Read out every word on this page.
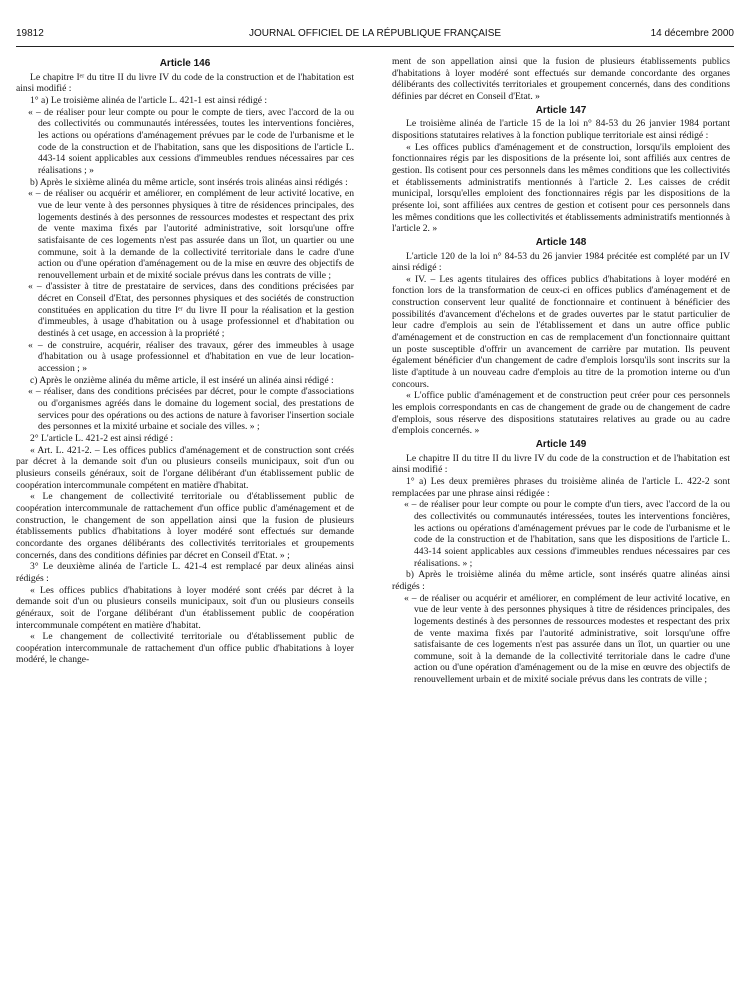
19812	JOURNAL OFFICIEL DE LA RÉPUBLIQUE FRANÇAISE	14 décembre 2000
Article 146

Le chapitre Iᵉʳ du titre II du livre IV du code de la construction et de l'habitation est ainsi modifié :

1° a) Le troisième alinéa de l'article L. 421-1 est ainsi rédigé :

« – de réaliser pour leur compte ou pour le compte de tiers, avec l'accord de la ou des collectivités ou communautés intéressées, toutes les interventions foncières, les actions ou opérations d'aménagement prévues par le code de l'urbanisme et le code de la construction et de l'habitation, sans que les dispositions de l'article L. 443-14 soient applicables aux cessions d'immeubles rendues nécessaires par ces réalisations ; »

b) Après le sixième alinéa du même article, sont insérés trois alinéas ainsi rédigés :

« – de réaliser ou acquérir et améliorer, en complément de leur activité locative, en vue de leur vente à des personnes physiques à titre de résidences principales, des logements destinés à des personnes de ressources modestes et respectant des prix de vente maxima fixés par l'autorité administrative, soit lorsqu'une offre satisfaisante de ces logements n'est pas assurée dans un îlot, un quartier ou une commune, soit à la demande de la collectivité territoriale dans le cadre d'une action ou d'une opération d'aménagement ou de la mise en œuvre des objectifs de renouvellement urbain et de mixité sociale prévus dans les contrats de ville ;

« – d'assister à titre de prestataire de services, dans des conditions précisées par décret en Conseil d'Etat, des personnes physiques et des sociétés de construction constituées en application du titre Iᵉʳ du livre II pour la réalisation et la gestion d'immeubles, à usage d'habitation ou à usage professionnel et d'habitation ou destinés à cet usage, en accession à la propriété ;

« – de construire, acquérir, réaliser des travaux, gérer des immeubles à usage d'habitation ou à usage professionnel et d'habitation en vue de leur location-accession ; »

c) Après le onzième alinéa du même article, il est inséré un alinéa ainsi rédigé :

« – réaliser, dans des conditions précisées par décret, pour le compte d'associations ou d'organismes agréés dans le domaine du logement social, des prestations de services pour des opérations ou des actions de nature à favoriser l'insertion sociale des personnes et la mixité urbaine et sociale des villes. » ;

2° L'article L. 421-2 est ainsi rédigé :

« Art. L. 421-2. – Les offices publics d'aménagement et de construction sont créés par décret à la demande soit d'un ou plusieurs conseils municipaux, soit d'un ou plusieurs conseils généraux, soit de l'organe délibérant d'un établissement public de coopération intercommunale compétent en matière d'habitat.

« Le changement de collectivité territoriale ou d'établissement public de coopération intercommunale de rattachement d'un office public d'aménagement et de construction, le changement de son appellation ainsi que la fusion de plusieurs établissements publics d'habitations à loyer modéré sont effectués sur demande concordante des organes délibérants des collectivités territoriales et groupements concernés, dans des conditions définies par décret en Conseil d'Etat. » ;

3° Le deuxième alinéa de l'article L. 421-4 est remplacé par deux alinéas ainsi rédigés :

« Les offices publics d'habitations à loyer modéré sont créés par décret à la demande soit d'un ou plusieurs conseils municipaux, soit d'un ou plusieurs conseils généraux, soit de l'organe délibérant d'un établissement public de coopération intercommunale compétent en matière d'habitat.

« Le changement de collectivité territoriale ou d'établissement public de coopération intercommunale de rattachement d'un office public d'habitations à loyer modéré, le change-

ment de son appellation ainsi que la fusion de plusieurs établissements publics d'habitations à loyer modéré sont effectués sur demande concordante des organes délibérants des collectivités territoriales et groupement concernés, dans des conditions définies par décret en Conseil d'Etat. »

Article 147

Le troisième alinéa de l'article 15 de la loi n° 84-53 du 26 janvier 1984 portant dispositions statutaires relatives à la fonction publique territoriale est ainsi rédigé :

« Les offices publics d'aménagement et de construction, lorsqu'ils emploient des fonctionnaires régis par les dispositions de la présente loi, sont affiliés aux centres de gestion. Ils cotisent pour ces personnels dans les mêmes conditions que les collectivités et établissements administratifs mentionnés à l'article 2. Les caisses de crédit municipal, lorsqu'elles emploient des fonctionnaires régis par les dispositions de la présente loi, sont affiliées aux centres de gestion et cotisent pour ces personnels dans les mêmes conditions que les collectivités et établissements administratifs mentionnés à l'article 2. »

Article 148

L'article 120 de la loi n° 84-53 du 26 janvier 1984 précitée est complété par un IV ainsi rédigé :

« IV. – Les agents titulaires des offices publics d'habitations à loyer modéré en fonction lors de la transformation de ceux-ci en offices publics d'aménagement et de construction conservent leur qualité de fonctionnaire et continuent à bénéficier des possibilités d'avancement d'échelons et de grades ouvertes par le statut particulier de leur cadre d'emplois au sein de l'établissement et dans un autre office public d'aménagement et de construction en cas de remplacement d'un fonctionnaire quittant un poste susceptible d'offrir un avancement de carrière par mutation. Ils peuvent également bénéficier d'un changement de cadre d'emplois lorsqu'ils sont inscrits sur la liste d'aptitude à un nouveau cadre d'emplois au titre de la promotion interne ou d'un concours.

« L'office public d'aménagement et de construction peut créer pour ces personnels les emplois correspondants en cas de changement de grade ou de changement de cadre d'emplois, sous réserve des dispositions statutaires relatives au grade ou au cadre d'emplois concernés. »

Article 149

Le chapitre II du titre II du livre IV du code de la construction et de l'habitation est ainsi modifié :

1° a) Les deux premières phrases du troisième alinéa de l'article L. 422-2 sont remplacées par une phrase ainsi rédigée :

« – de réaliser pour leur compte ou pour le compte d'un tiers, avec l'accord de la ou des collectivités ou communautés intéressées, toutes les interventions foncières, les actions ou opérations d'aménagement prévues par le code de l'urbanisme et le code de la construction et de l'habitation, sans que les dispositions de l'article L. 443-14 soient applicables aux cessions d'immeubles rendues nécessaires par ces réalisations. » ;

b) Après le troisième alinéa du même article, sont insérés quatre alinéas ainsi rédigés :

« – de réaliser ou acquérir et améliorer, en complément de leur activité locative, en vue de leur vente à des personnes physiques à titre de résidences principales, des logements destinés à des personnes de ressources modestes et respectant des prix de vente maxima fixés par l'autorité administrative, soit lorsqu'une offre satisfaisante de ces logements n'est pas assurée dans un îlot, un quartier ou une commune, soit à la demande de la collectivité territoriale dans le cadre d'une action ou d'une opération d'aménagement ou de la mise en œuvre des objectifs de renouvellement urbain et de mixité sociale prévus dans les contrats de ville ;
